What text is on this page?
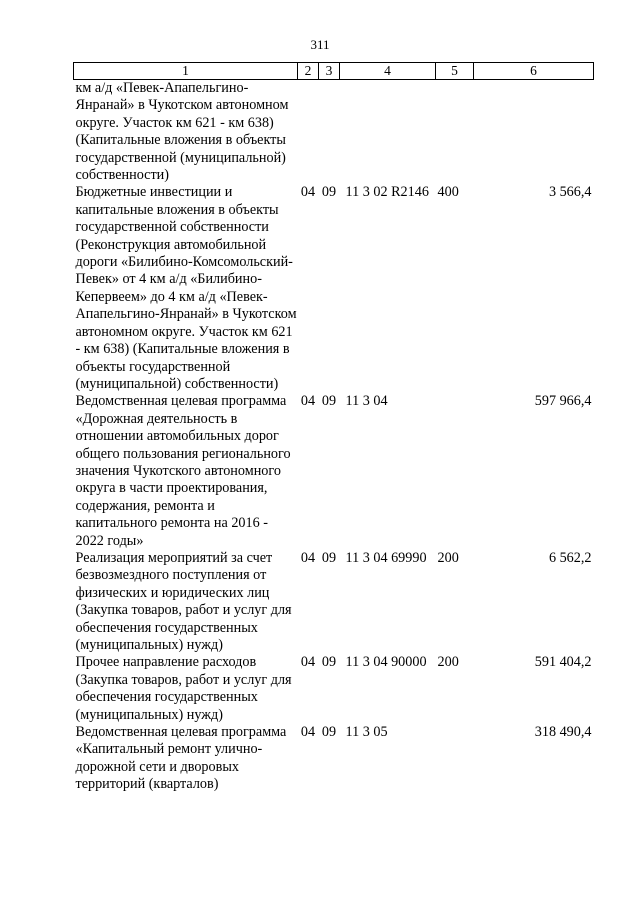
311
1	2	3	4	5	6
км а/д «Певек-Апапельгино-Янранай» в Чукотском автономном округе. Участок км 621 - км 638) (Капитальные вложения в объекты государственной (муниципальной) собственности)					
Бюджетные инвестиции и капитальные вложения в объекты государственной собственности (Реконструкция автомобильной дороги «Билибино-Комсомольский-Певек» от 4 км а/д «Билибино-Кепервеем» до 4 км а/д «Певек-Апапельгино-Янранай» в Чукотском автономном округе. Участок км 621 - км 638) (Капитальные вложения в объекты государственной (муниципальной) собственности)	04	09	11 3 02 R2146	400	3 566,4
Ведомственная целевая программа «Дорожная деятельность в отношении автомобильных дорог общего пользования регионального значения Чукотского автономного округа в части проектирования, содержания, ремонта и капитального ремонта на 2016 - 2022 годы»	04	09	11 3 04		597 966,4
Реализация мероприятий за счет безвозмездного поступления от физических и юридических лиц (Закупка товаров, работ и услуг для обеспечения государственных (муниципальных) нужд)	04	09	11 3 04 69990	200	6 562,2
Прочее направление расходов (Закупка товаров, работ и услуг для обеспечения государственных (муниципальных) нужд)	04	09	11 3 04 90000	200	591 404,2
Ведомственная целевая программа «Капитальный ремонт улично-дорожной сети и дворовых территорий (кварталов)	04	09	11 3 05		318 490,4
